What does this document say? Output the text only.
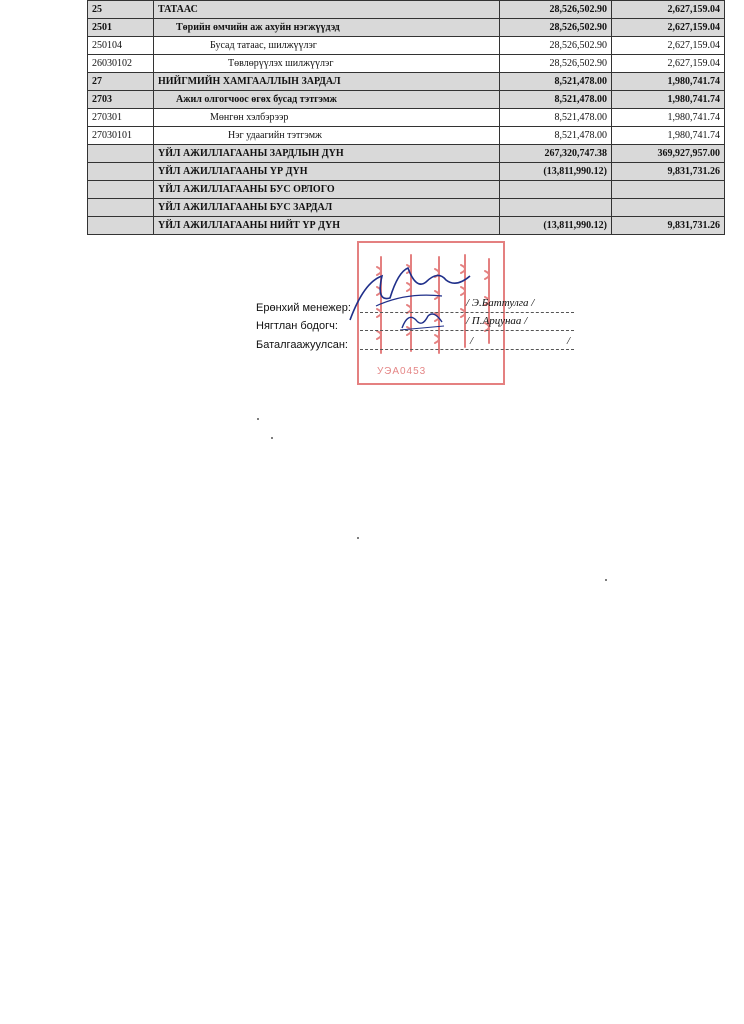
25	ТАТААС	28,526,502.90	2,627,159.04
2501	Төрийн өмчийн аж ахуйн нэгжүүдэд	28,526,502.90	2,627,159.04
250104	Бусад татаас, шилжүүлэг	28,526,502.90	2,627,159.04
26030102	Төвлөрүүлэх шилжүүлэг	28,526,502.90	2,627,159.04
27	НИЙГМИЙН ХАМГААЛЛЫН ЗАРДАЛ	8,521,478.00	1,980,741.74
2703	Ажил олгогчоос өгөх бусад тэтгэмж	8,521,478.00	1,980,741.74
270301	Мөнгөн хэлбэрээр	8,521,478.00	1,980,741.74
27030101	Нэг удаагийн тэтгэмж	8,521,478.00	1,980,741.74
	ҮЙЛ АЖИЛЛАГААНЫ ЗАРДЛЫН ДҮН	267,320,747.38	369,927,957.00
	ҮЙЛ АЖИЛЛАГААНЫ ҮР ДҮН	(13,811,990.12)	9,831,731.26
	ҮЙЛ АЖИЛЛАГААНЫ БУС ОРЛОГО		
	ҮЙЛ АЖИЛЛАГААНЫ БУС ЗАРДАЛ		
	ҮЙЛ АЖИЛЛАГААНЫ НИЙТ ҮР ДҮН	(13,811,990.12)	9,831,731.26
УЭА0453
Ерөнхий менежер:	/ Э.Баттулга /
Нягтлан бодогч:	/ П.Арцунаа /
Баталгаажуулсан:	/	/
